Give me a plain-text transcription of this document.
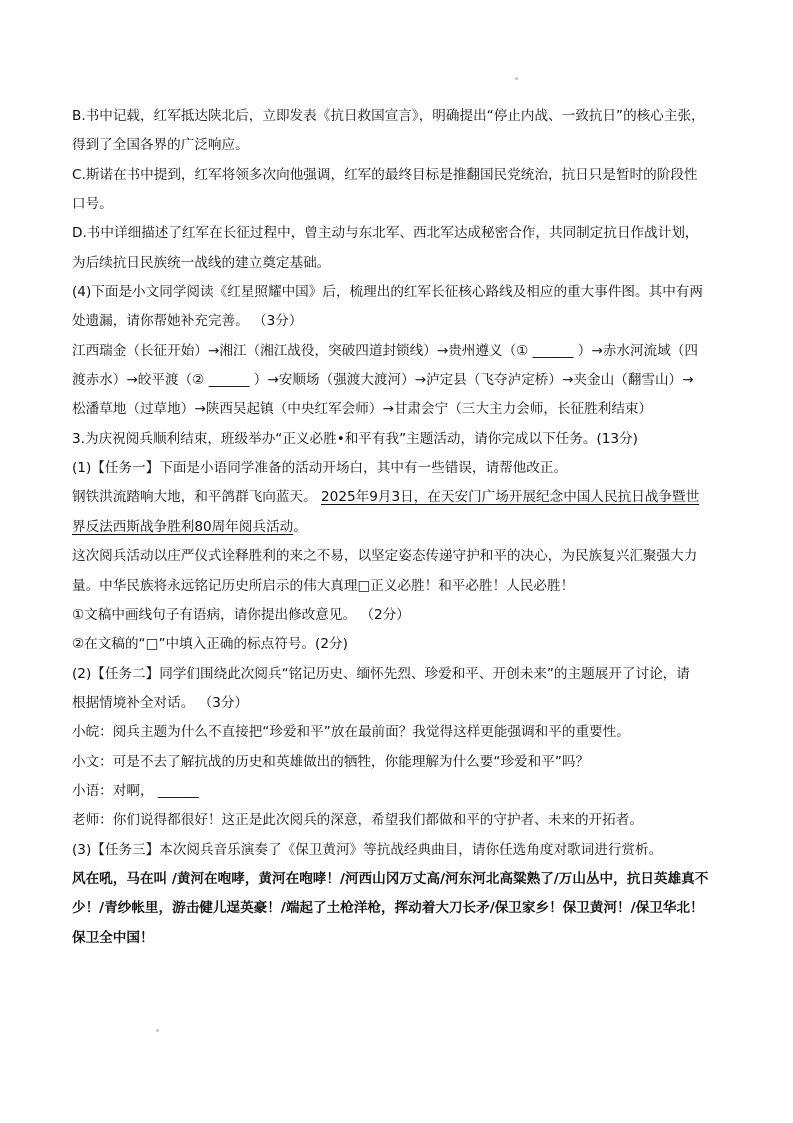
B.书中记载，红军抵达陕北后，立即发表《抗日救国宣言》，明确提出“停止内战、一致抗日”的核心主张，
得到了全国各界的广泛响应。
C.斯诺在书中提到，红军将领多次向他强调，红军的最终目标是推翻国民党统治，抗日只是暂时的阶段性
口号。
D.书中详细描述了红军在长征过程中，曾主动与东北军、西北军达成秘密合作，共同制定抗日作战计划，
为后续抗日民族统一战线的建立奠定基础。
(4)下面是小文同学阅读《红星照耀中国》后，梳理出的红军长征核心路线及相应的重大事件图。其中有两
处遗漏，请你帮她补充完善。 （3分）
江西瑞金（长征开始）→湘江（湘江战役，突破四道封锁线）→贵州遵义（① ______ ）→赤水河流域（四
渡赤水）→皎平渡（② ______ ）→安顺场（强渡大渡河）→泸定县（飞夺泸定桥）→夹金山（翻雪山）→
松潘草地（过草地）→陕西吴起镇（中央红军会师）→甘肃会宁（三大主力会师，长征胜利结束）
3.为庆祝阅兵顺利结束，班级举办“正义必胜•和平有我”主题活动，请你完成以下任务。(13分)
(1)【任务一】下面是小语同学准备的活动开场白，其中有一些错误，请帮他改正。
钢铁洪流踏响大地，和平鸽群飞向蓝天。 2025年9月3日，在天安门广场开展纪念中国人民抗日战争暨世
界反法西斯战争胜利80周年阅兵活动。
这次阅兵活动以庄严仪式诠释胜利的来之不易，以坚定姿态传递守护和平的决心，为民族复兴汇聚强大力
量。中华民族将永远铭记历史所启示的伟大真理□正义必胜！和平必胜！人民必胜！
①文稿中画线句子有语病，请你提出修改意见。 （2分）
②在文稿的“□”中填入正确的标点符号。(2分)
(2)【任务二】同学们围绕此次阅兵“铭记历史、缅怀先烈、珍爱和平、开创未来”的主题展开了讨论，请
根据情境补全对话。 （3分）
小皖：阅兵主题为什么不直接把“珍爱和平”放在最前面？我觉得这样更能强调和平的重要性。
小文：可是不去了解抗战的历史和英雄做出的牺牲，你能理解为什么要“珍爱和平”吗？
小语：对啊， ______
老师：你们说得都很好！这正是此次阅兵的深意，希望我们都做和平的守护者、未来的开拓者。
(3)【任务三】本次阅兵音乐演奏了《保卫黄河》等抗战经典曲目，请你任选角度对歌词进行赏析。
风在吼，马在叫 /黄河在咆哮，黄河在咆哮！/河西山冈万丈高/河东河北高粱熟了/万山丛中，抗日英雄真不
少！/青纱帐里，游击健儿逞英豪！/端起了土枪洋枪，挥动着大刀长矛/保卫家乡！保卫黄河！/保卫华北！
保卫全中国！
